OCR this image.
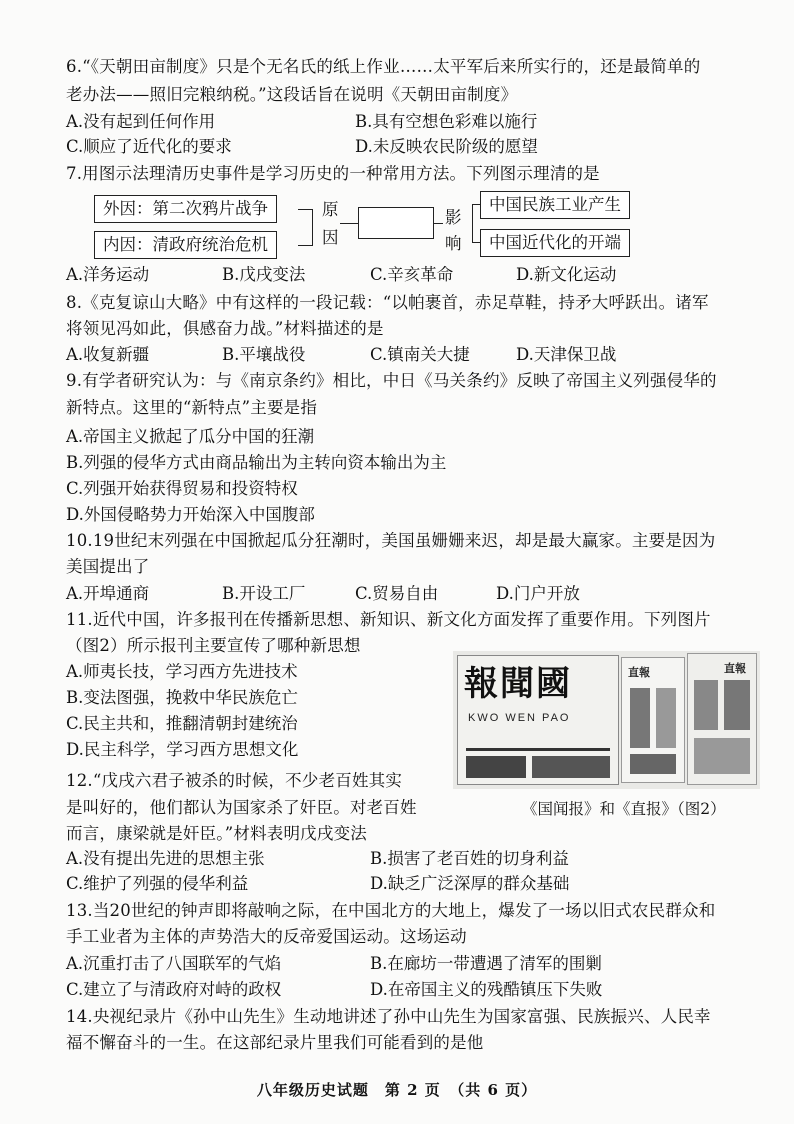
6.“《天朝田亩制度》只是个无名氏的纸上作业……太平军后来所实行的，还是最简单的
老办法——照旧完粮纳税。”这段话旨在说明《天朝田亩制度》
A.没有起到任何作用	B.具有空想色彩难以施行
C.顺应了近代化的要求	D.未反映农民阶级的愿望
7.用图示法理清历史事件是学习历史的一种常用方法。下列图示理清的是
外因：第二次鸦片战争
内因：清政府统治危机
原
因
影
响
中国民族工业产生
中国近代化的开端
A.洋务运动	B.戊戌变法	C.辛亥革命	D.新文化运动
8.《克复谅山大略》中有这样的一段记载：“以帕裹首，赤足草鞋，持矛大呼跃出。诸军
将领见冯如此，俱感奋力战。”材料描述的是
A.收复新疆	B.平壤战役	C.镇南关大捷	D.天津保卫战
9.有学者研究认为：与《南京条约》相比，中日《马关条约》反映了帝国主义列强侵华的
新特点。这里的“新特点”主要是指
A.帝国主义掀起了瓜分中国的狂潮
B.列强的侵华方式由商品输出为主转向资本输出为主
C.列强开始获得贸易和投资特权
D.外国侵略势力开始深入中国腹部
10.19世纪末列强在中国掀起瓜分狂潮时，美国虽姗姗来迟，却是最大赢家。主要是因为
美国提出了
A.开埠通商	B.开设工厂	C.贸易自由	D.门户开放
11.近代中国，许多报刊在传播新思想、新知识、新文化方面发挥了重要作用。下列图片
（图2）所示报刊主要宣传了哪种新思想
A.师夷长技，学习西方先进技术
B.变法图强，挽救中华民族危亡
C.民主共和，推翻清朝封建统治
D.民主科学，学习西方思想文化
報聞國
KWO WEN PAO
直報	直報
《国闻报》和《直报》（图2）
12.“戊戌六君子被杀的时候，不少老百姓其实
是叫好的，他们都认为国家杀了奸臣。对老百姓
而言，康梁就是奸臣。”材料表明戊戌变法
A.没有提出先进的思想主张	B.损害了老百姓的切身利益
C.维护了列强的侵华利益	D.缺乏广泛深厚的群众基础
13.当20世纪的钟声即将敲响之际，在中国北方的大地上，爆发了一场以旧式农民群众和
手工业者为主体的声势浩大的反帝爱国运动。这场运动
A.沉重打击了八国联军的气焰	B.在廊坊一带遭遇了清军的围剿
C.建立了与清政府对峙的政权	D.在帝国主义的残酷镇压下失败
14.央视纪录片《孙中山先生》生动地讲述了孙中山先生为国家富强、民族振兴、人民幸
福不懈奋斗的一生。在这部纪录片里我们可能看到的是他
八年级历史试题　第 2 页　（共 6 页）
